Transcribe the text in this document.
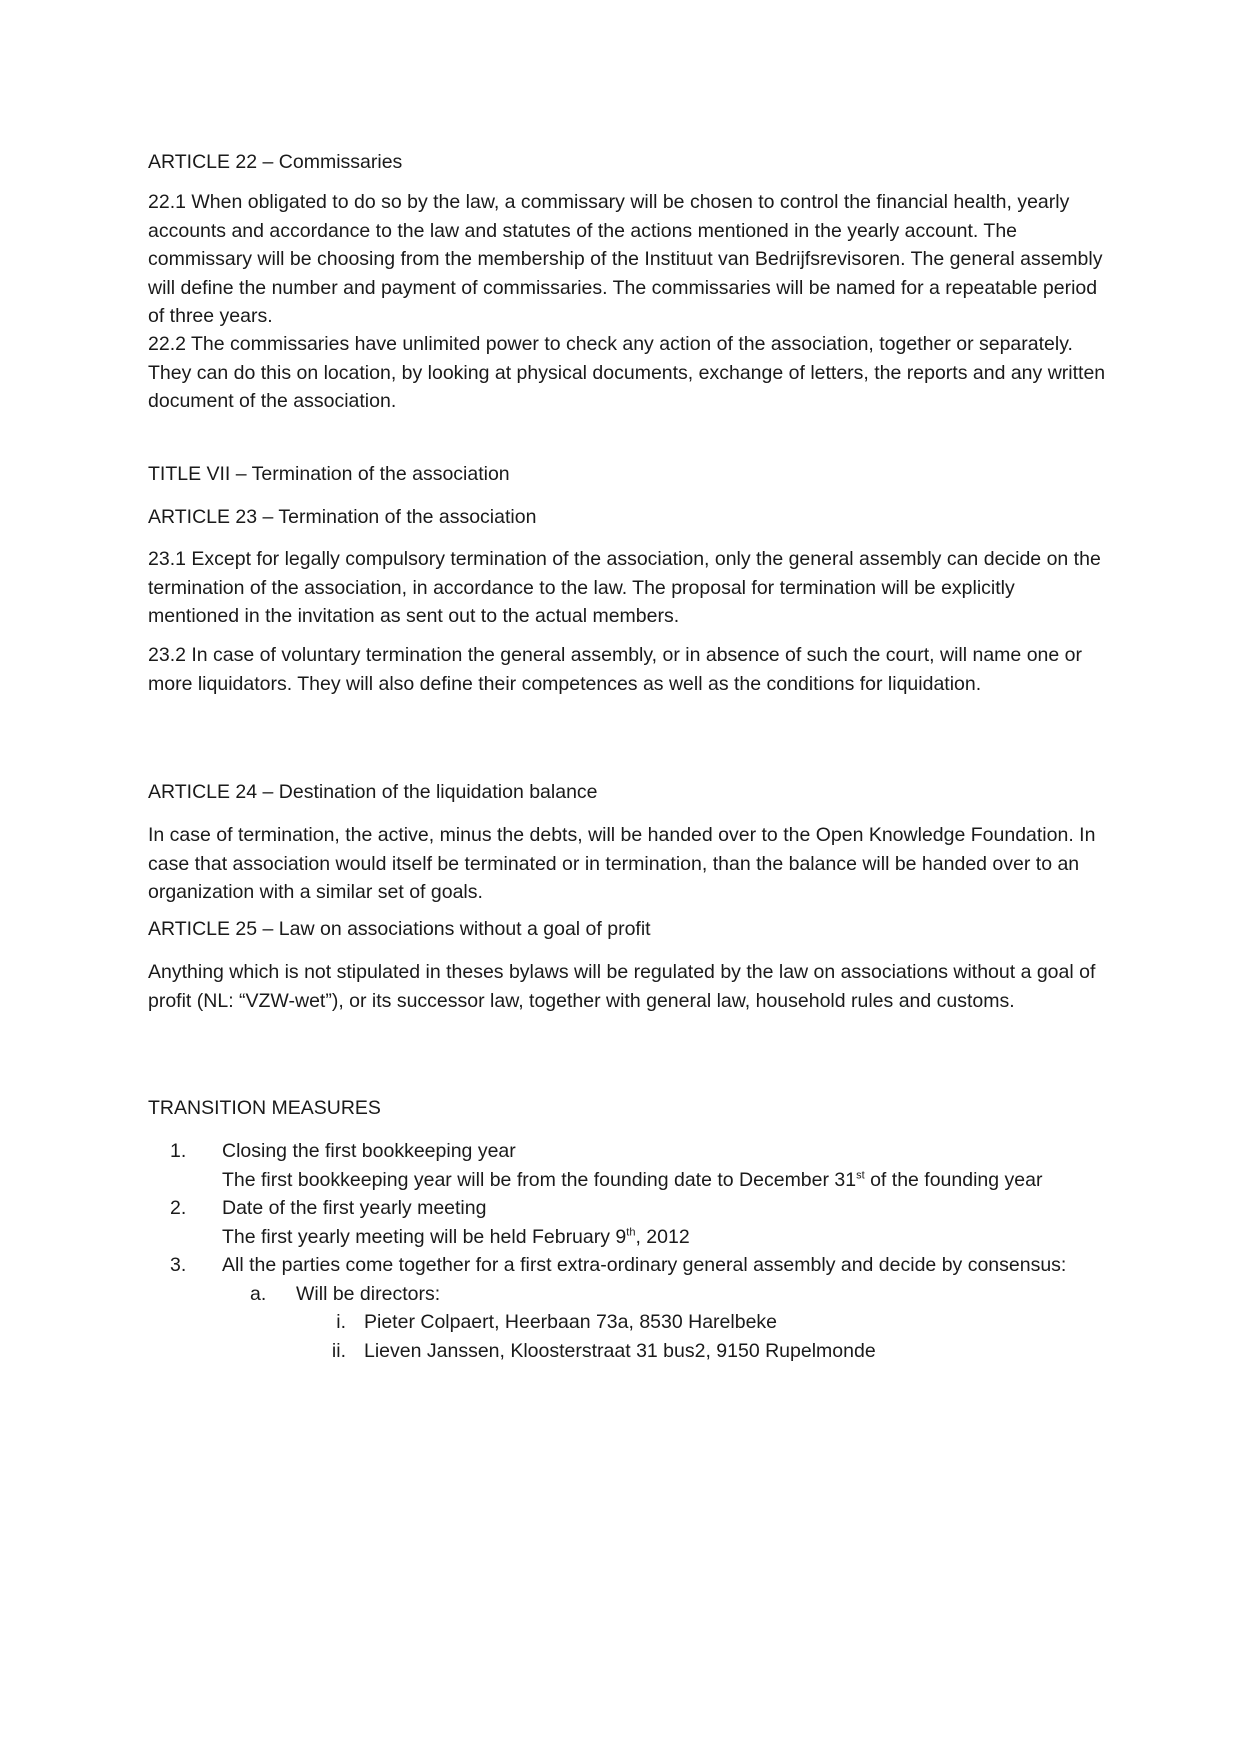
ARTICLE 22 – Commissaries

22.1 When obligated to do so by the law, a commissary will be chosen to control the financial health, yearly accounts and accordance to the law and statutes of the actions mentioned in the yearly account. The commissary will be choosing from the membership of the Instituut van Bedrijfsrevisoren. The general assembly will define the number and payment of commissaries. The commissaries will be named for a repeatable period of three years.

22.2 The commissaries have unlimited power to check any action of the association, together or separately. They can do this on location, by looking at physical documents, exchange of letters, the reports and any written document of the association.

TITLE VII – Termination of the association

ARTICLE 23 – Termination of the association

23.1 Except for legally compulsory termination of the association, only the general assembly can decide on the termination of the association, in accordance to the law. The proposal for termination will be explicitly mentioned in the invitation as sent out to the actual members.

23.2 In case of voluntary termination the general assembly, or in absence of such the court, will name one or more liquidators. They will also define their competences as well as the conditions for liquidation.

ARTICLE 24 – Destination of the liquidation balance

In case of termination, the active, minus the debts, will be handed over to the Open Knowledge Foundation. In case that association would itself be terminated or in termination, than the balance will be handed over to an organization with a similar set of goals.

ARTICLE 25 – Law on associations without a goal of profit

Anything which is not stipulated in theses bylaws will be regulated by the law on associations without a goal of profit (NL: “VZW-wet”), or its successor law, together with general law, household rules and customs.

TRANSITION MEASURES

1.	Closing the first bookkeeping year
The first bookkeeping year will be from the founding date to December 31st of the founding year
2.	Date of the first yearly meeting
The first yearly meeting will be held February 9th, 2012
3.	All the parties come together for a first extra-ordinary general assembly and decide by consensus:
a.	Will be directors:
i. Pieter Colpaert, Heerbaan 73a, 8530 Harelbeke
ii. Lieven Janssen, Kloosterstraat 31 bus2, 9150 Rupelmonde
